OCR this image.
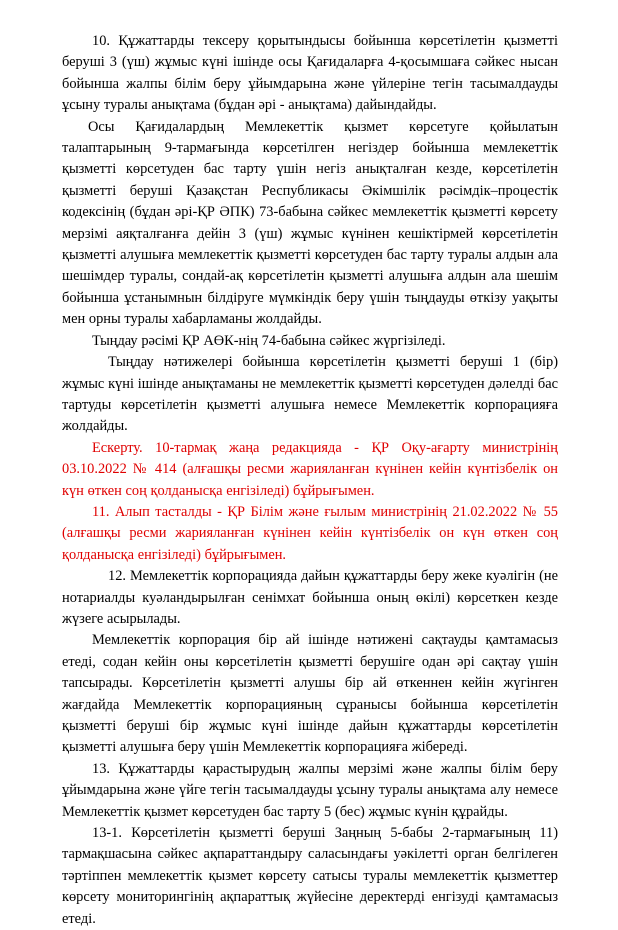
10. Құжаттарды тексеру қорытындысы бойынша көрсетілетін қызметті беруші 3 (үш) жұмыс күні ішінде осы Қағидаларға 4-қосымшаға сәйкес нысан бойынша жалпы білім беру ұйымдарына және үйлеріне тегін тасымалдауды ұсыну туралы анықтама (бұдан әрі - анықтама) дайындайды.

Осы Қағидалардың Мемлекеттік қызмет көрсетуге қойылатын талаптарының 9-тармағында көрсетілген негіздер бойынша мемлекеттік қызметті көрсетуден бас тарту үшін негіз анықталған кезде, көрсетілетін қызметті беруші Қазақстан Республикасы Әкімшілік рәсімдік–процестік кодексінің (бұдан әрі-ҚР ӘПК) 73-бабына сәйкес мемлекеттік қызметті көрсету мерзімі аяқталғанға дейін 3 (үш) жұмыс күнінен кешіктірмей көрсетілетін қызметті алушыға мемлекеттік қызметті көрсетуден бас тарту туралы алдын ала шешімдер туралы, сондай-ақ көрсетілетін қызметті алушыға алдын ала шешім бойынша ұстанымнын білдіруге мүмкіндік беру үшін тыңдауды өткізу уақыты мен орны туралы хабарламаны жолдайды.

Тыңдау рәсімі ҚР АӨК-нің 74-бабына сәйкес жүргізіледі.

Тыңдау нәтижелері бойынша көрсетілетін қызметті беруші 1 (бір) жұмыс күні ішінде анықтаманы не мемлекеттік қызметті көрсетуден дәлелді бас тартуды көрсетілетін қызметті алушыға немесе Мемлекеттік корпорацияға жолдайды.

Ескерту. 10-тармақ жаңа редакцияда - ҚР Оқу-ағарту министрінің 03.10.2022 № 414 (алғашқы ресми жарияланған күнінен кейін күнтізбелік он күн өткен соң қолданысқа енгізіледі) бұйрығымен.

11. Алып тасталды - ҚР Білім және ғылым министрінің 21.02.2022 № 55 (алғашқы ресми жарияланған күнінен кейін күнтізбелік он күн өткен соң қолданысқа енгізіледі) бұйрығымен.

12. Мемлекеттік корпорацияда дайын құжаттарды беру жеке куәлігін (не нотариалды куәландырылған сенімхат бойынша оның өкілі) көрсеткен кезде жүзеге асырылады.

Мемлекеттік корпорация бір ай ішінде нәтижені сақтауды қамтамасыз етеді, содан кейін оны көрсетілетін қызметті берушіге одан әрі сақтау үшін тапсырады. Көрсетілетін қызметті алушы бір ай өткеннен кейін жүгінген жағдайда Мемлекеттік корпорацияның сұранысы бойынша көрсетілетін қызметті беруші бір жұмыс күні ішінде дайын құжаттарды көрсетілетін қызметті алушыға беру үшін Мемлекеттік корпорацияға жібереді.

13. Құжаттарды қарастырудың жалпы мерзімі және жалпы білім беру ұйымдарына және үйге тегін тасымалдауды ұсыну туралы анықтама алу немесе Мемлекеттік қызмет көрсетуден бас тарту 5 (бес) жұмыс күнін құрайды.

13-1. Көрсетілетін қызметті беруші Заңның 5-бабы 2-тармағының 11) тармақшасына сәйкес ақпараттандыру саласындағы уәкілетті орган белгілеген тәртіппен мемлекеттік қызмет көрсету сатысы туралы мемлекеттік қызметтер көрсету мониторингінің ақпараттық жүйесіне деректерді енгізуді қамтамасыз етеді.
